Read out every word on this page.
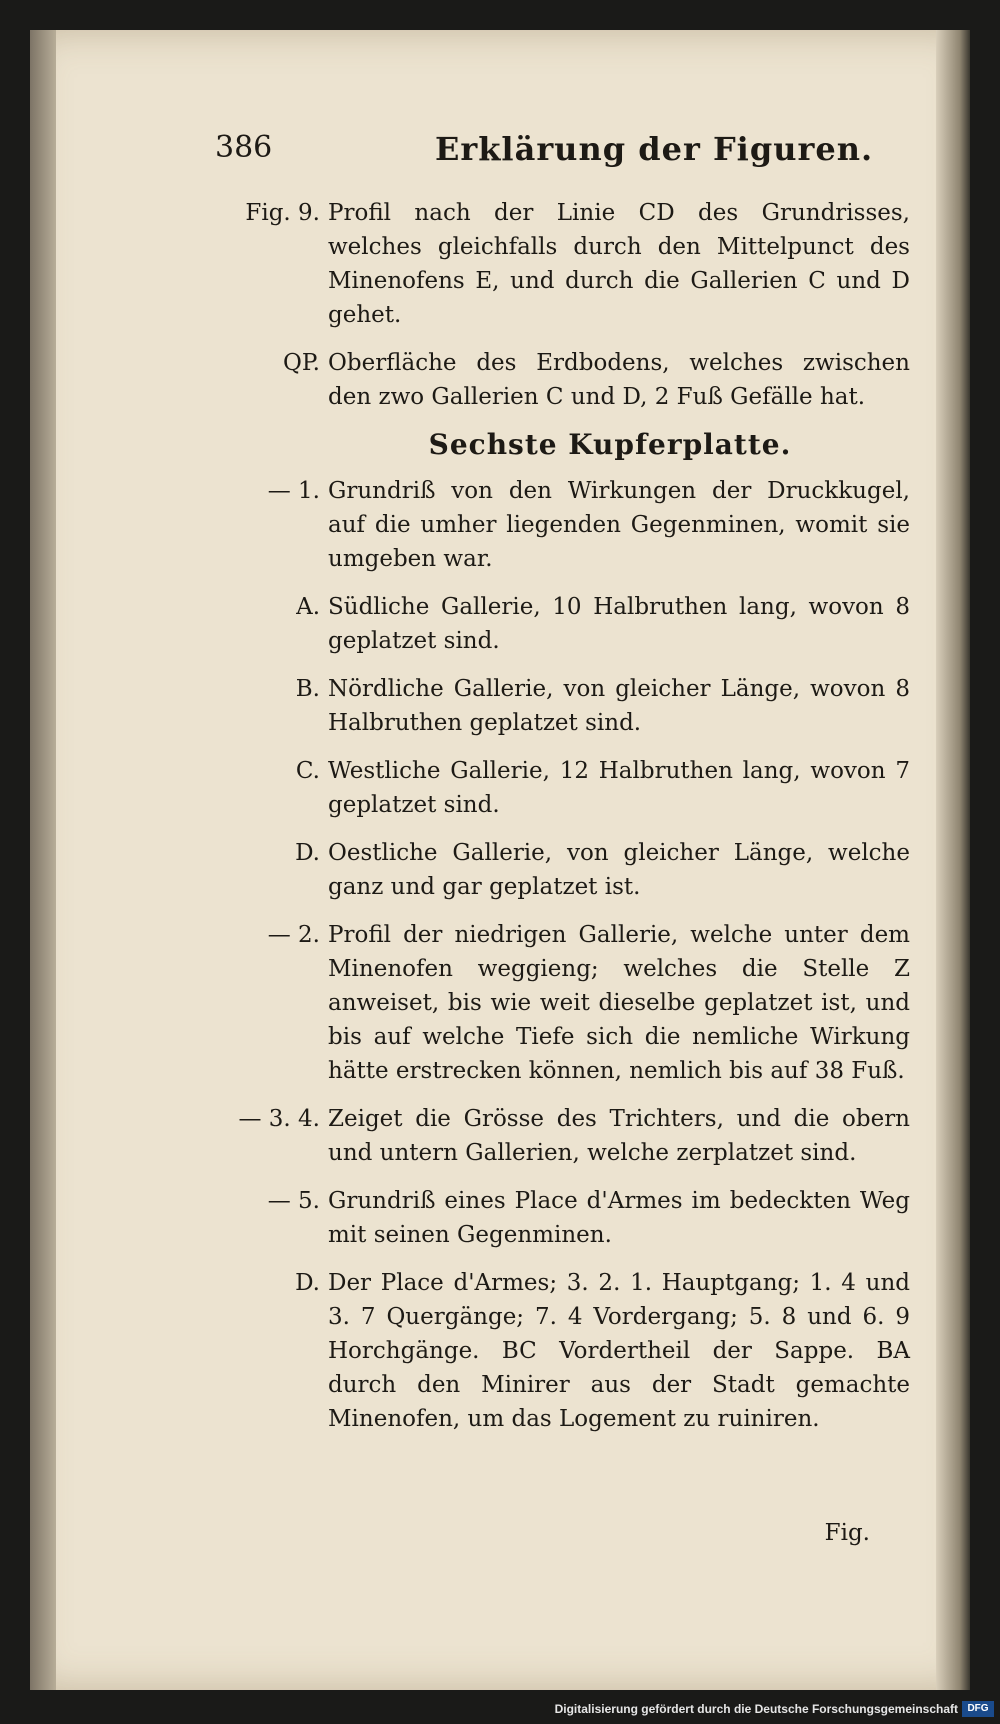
386	Erklärung der Figuren.
Fig. 9. Profil nach der Linie CD des Grundrisses, welches gleichfalls durch den Mittelpunct des Minenofens E, und durch die Gallerien C und D gehet.
QP. Oberfläche des Erdbodens, welches zwischen den zwo Gallerien C und D, 2 Fuß Gefälle hat.
Sechste Kupferplatte.
— 1. Grundriß von den Wirkungen der Druckkugel, auf die umher liegenden Gegenminen, womit sie umgeben war.
A. Südliche Gallerie, 10 Halbruthen lang, wovon 8 geplatzet sind.
B. Nördliche Gallerie, von gleicher Länge, wovon 8 Halbruthen geplatzet sind.
C. Westliche Gallerie, 12 Halbruthen lang, wovon 7 geplatzet sind.
D. Oestliche Gallerie, von gleicher Länge, welche ganz und gar geplatzet ist.
— 2. Profil der niedrigen Gallerie, welche unter dem Minenofen weggieng; welches die Stelle Z anweiset, bis wie weit dieselbe geplatzet ist, und bis auf welche Tiefe sich die nemliche Wirkung hätte erstrecken können, nemlich bis auf 38 Fuß.
— 3. 4. Zeiget die Grösse des Trichters, und die obern und untern Gallerien, welche zerplatzet sind.
— 5. Grundriß eines Place d'Armes im bedeckten Weg mit seinen Gegenminen.
D. Der Place d'Armes; 3. 2. 1. Hauptgang; 1. 4 und 3. 7 Quergänge; 7. 4 Vordergang; 5. 8 und 6. 9 Horchgänge. BC Vordertheil der Sappe. BA durch den Minirer aus der Stadt gemachte Minenofen, um das Logement zu ruiniren.
Fig.
Digitalisierung gefördert durch die Deutsche Forschungsgemeinschaft DFG
